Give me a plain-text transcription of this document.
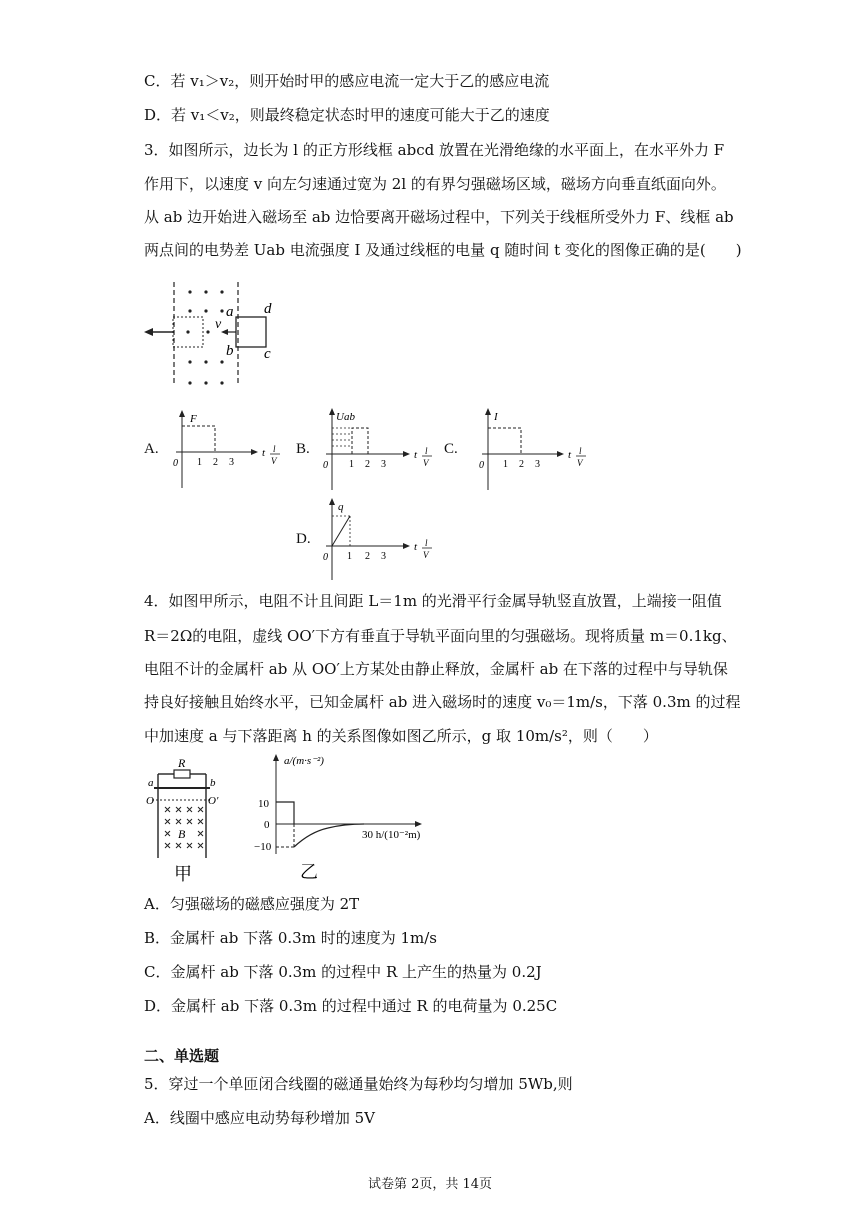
C．若 v₁＞v₂，则开始时甲的感应电流一定大于乙的感应电流
D．若 v₁＜v₂，则最终稳定状态时甲的速度可能大于乙的速度
3．如图所示，边长为 l 的正方形线框 abcd 放置在光滑绝缘的水平面上，在水平外力 F
作用下，以速度 v 向左匀速通过宽为 2l 的有界匀强磁场区域，磁场方向垂直纸面向外。
从 ab 边开始进入磁场至 ab 边恰要离开磁场过程中，下列关于线框所受外力 F、线框 ab
两点间的电势差 Uab 电流强度 I 及通过线框的电量 q 随时间 t 变化的图像正确的是(　　)
a
v
b
d
c
A.
F
0 1 2 3
t l
V
B.
Uab
0 1 2 3
t l
V
C.
I
0 1 2 3
t l
V
D.
q
0 1 2 3
t l
V
4．如图甲所示，电阻不计且间距 L＝1m 的光滑平行金属导轨竖直放置，上端接一阻值
R＝2Ω的电阻，虚线 OO′下方有垂直于导轨平面向里的匀强磁场。现将质量 m＝0.1kg、
电阻不计的金属杆 ab 从 OO′上方某处由静止释放，金属杆 ab 在下落的过程中与导轨保
持良好接触且始终水平，已知金属杆 ab 进入磁场时的速度 v₀＝1m/s，下落 0.3m 的过程
中加速度 a 与下落距离 h 的关系图像如图乙所示，g 取 10m/s²，则（　　）
R
a	b
O	O′
B
甲
a/(m·s⁻²)
10
0
−10
30 h/(10⁻²m)
乙
A．匀强磁场的磁感应强度为 2T
B．金属杆 ab 下落 0.3m 时的速度为 1m/s
C．金属杆 ab 下落 0.3m 的过程中 R 上产生的热量为 0.2J
D．金属杆 ab 下落 0.3m 的过程中通过 R 的电荷量为 0.25C
二、单选题
5．穿过一个单匝闭合线圈的磁通量始终为每秒均匀增加 5Wb,则
A．线圈中感应电动势每秒增加 5V
试卷第 2页，共 14页
